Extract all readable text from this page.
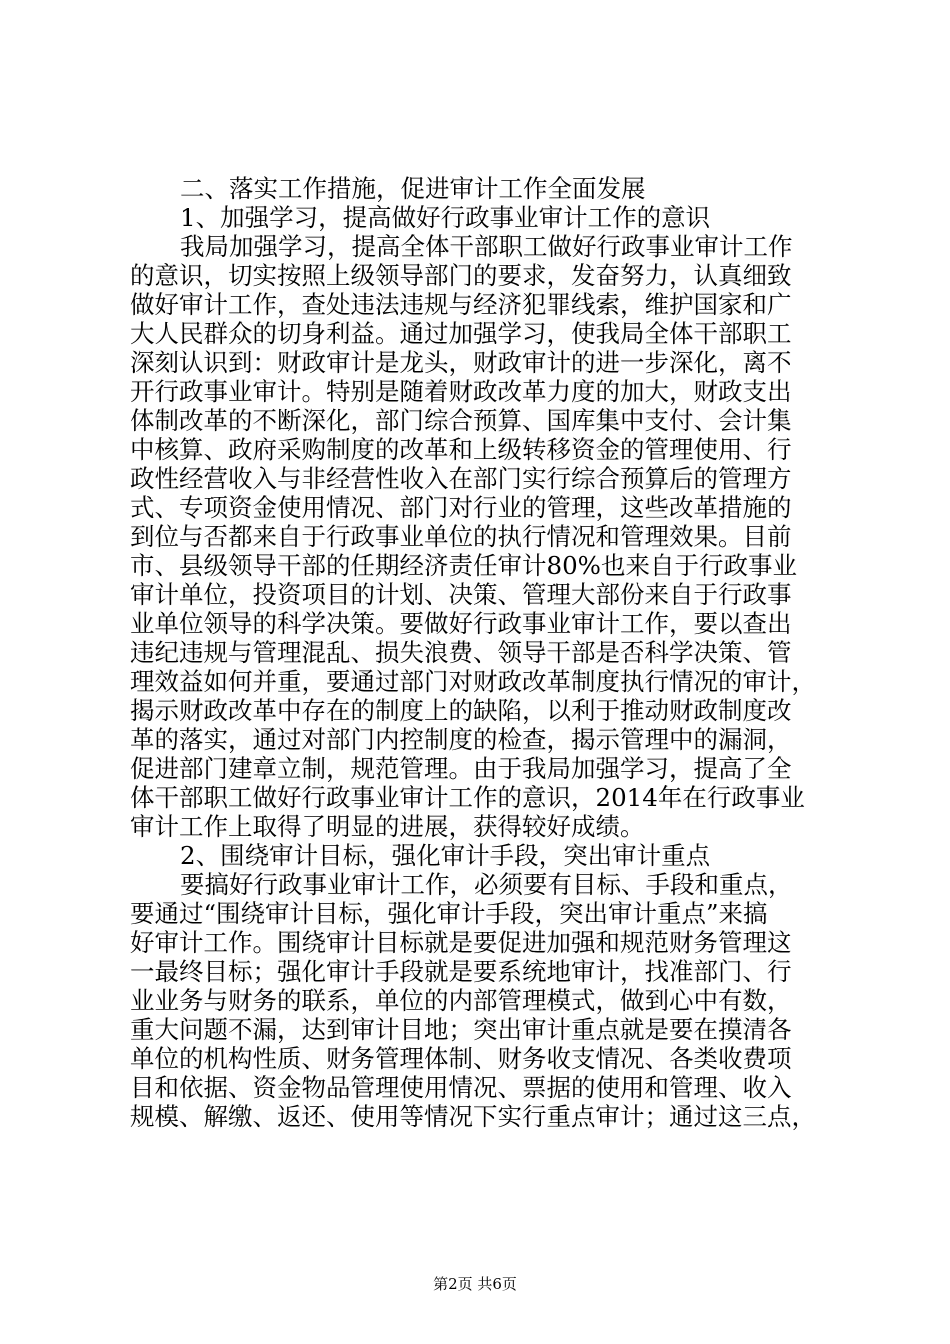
二、落实工作措施，促进审计工作全面发展
1、加强学习，提高做好行政事业审计工作的意识
我局加强学习，提高全体干部职工做好行政事业审计工作
的意识，切实按照上级领导部门的要求，发奋努力，认真细致
做好审计工作，查处违法违规与经济犯罪线索，维护国家和广
大人民群众的切身利益。通过加强学习，使我局全体干部职工
深刻认识到：财政审计是龙头，财政审计的进一步深化，离不
开行政事业审计。特别是随着财政改革力度的加大，财政支出
体制改革的不断深化，部门综合预算、国库集中支付、会计集
中核算、政府采购制度的改革和上级转移资金的管理使用、行
政性经营收入与非经营性收入在部门实行综合预算后的管理方
式、专项资金使用情况、部门对行业的管理，这些改革措施的
到位与否都来自于行政事业单位的执行情况和管理效果。目前
市、县级领导干部的任期经济责任审计80%也来自于行政事业
审计单位，投资项目的计划、决策、管理大部份来自于行政事
业单位领导的科学决策。要做好行政事业审计工作，要以查出
违纪违规与管理混乱、损失浪费、领导干部是否科学决策、管
理效益如何并重，要通过部门对财政改革制度执行情况的审计，
揭示财政改革中存在的制度上的缺陷，以利于推动财政制度改
革的落实，通过对部门内控制度的检查，揭示管理中的漏洞，
促进部门建章立制，规范管理。由于我局加强学习，提高了全
体干部职工做好行政事业审计工作的意识，2014年在行政事业
审计工作上取得了明显的进展，获得较好成绩。
2、围绕审计目标，强化审计手段，突出审计重点
要搞好行政事业审计工作，必须要有目标、手段和重点，
要通过“围绕审计目标，强化审计手段，突出审计重点”来搞
好审计工作。围绕审计目标就是要促进加强和规范财务管理这
一最终目标；强化审计手段就是要系统地审计，找准部门、行
业业务与财务的联系，单位的内部管理模式，做到心中有数，
重大问题不漏，达到审计目地；突出审计重点就是要在摸清各
单位的机构性质、财务管理体制、财务收支情况、各类收费项
目和依据、资金物品管理使用情况、票据的使用和管理、收入
规模、解缴、返还、使用等情况下实行重点审计；通过这三点，
第2页 共6页
